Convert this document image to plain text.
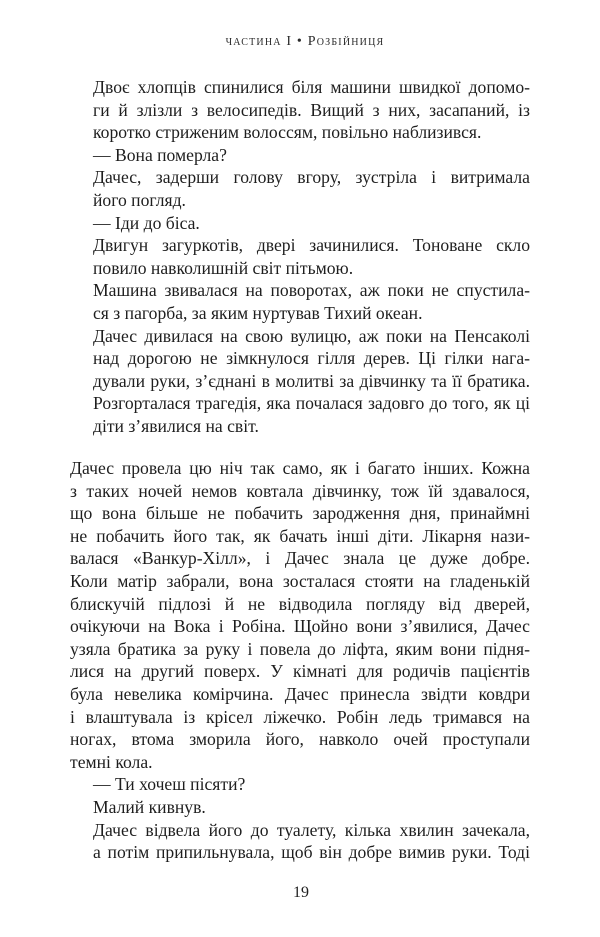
частина I • Розбійниця

Двоє хлопців спинилися біля машини швидкої допомо-
ги й злізли з велосипедів. Вищий з них, засапаний, із
коротко стриженим волоссям, повільно наблизився.

— Вона померла?

Дачес, задерши голову вгору, зустріла і витримала
його погляд.

— Іди до біса.

Двигун загуркотів, двері зачинилися. Тоноване скло
повило навколишній світ пітьмою.

Машина звивалася на поворотах, аж поки не спустила-
ся з пагорба, за яким нуртував Тихий океан.

Дачес дивилася на свою вулицю, аж поки на Пенсаколі
над дорогою не зімкнулося гілля дерев. Ці гілки нага-
дували руки, з’єднані в молитві за дівчинку та її братика.
Розгорталася трагедія, яка почалася задовго до того, як ці
діти з’явилися на світ.

Дачес провела цю ніч так само, як і багато інших. Кожна
з таких ночей немов ковтала дівчинку, тож їй здавалося,
що вона більше не побачить зародження дня, принаймні
не побачить його так, як бачать інші діти. Лікарня нази-
валася «Ванкур-Хілл», і Дачес знала це дуже добре.
Коли матір забрали, вона зосталася стояти на гладенькій
блискучій підлозі й не відводила погляду від дверей,
очікуючи на Вока і Робіна. Щойно вони з’явилися, Дачес
узяла братика за руку і повела до ліфта, яким вони підня-
лися на другий поверх. У кімнаті для родичів пацієнтів
була невелика комірчина. Дачес принесла звідти ковдри
і влаштувала із крісел ліжечко. Робін ледь тримався на
ногах, втома зморила його, навколо очей проступали
темні кола.

— Ти хочеш пісяти?

Малий кивнув.

Дачес відвела його до туалету, кілька хвилин зачекала,
а потім припильнувала, щоб він добре вимив руки. Тоді

19
